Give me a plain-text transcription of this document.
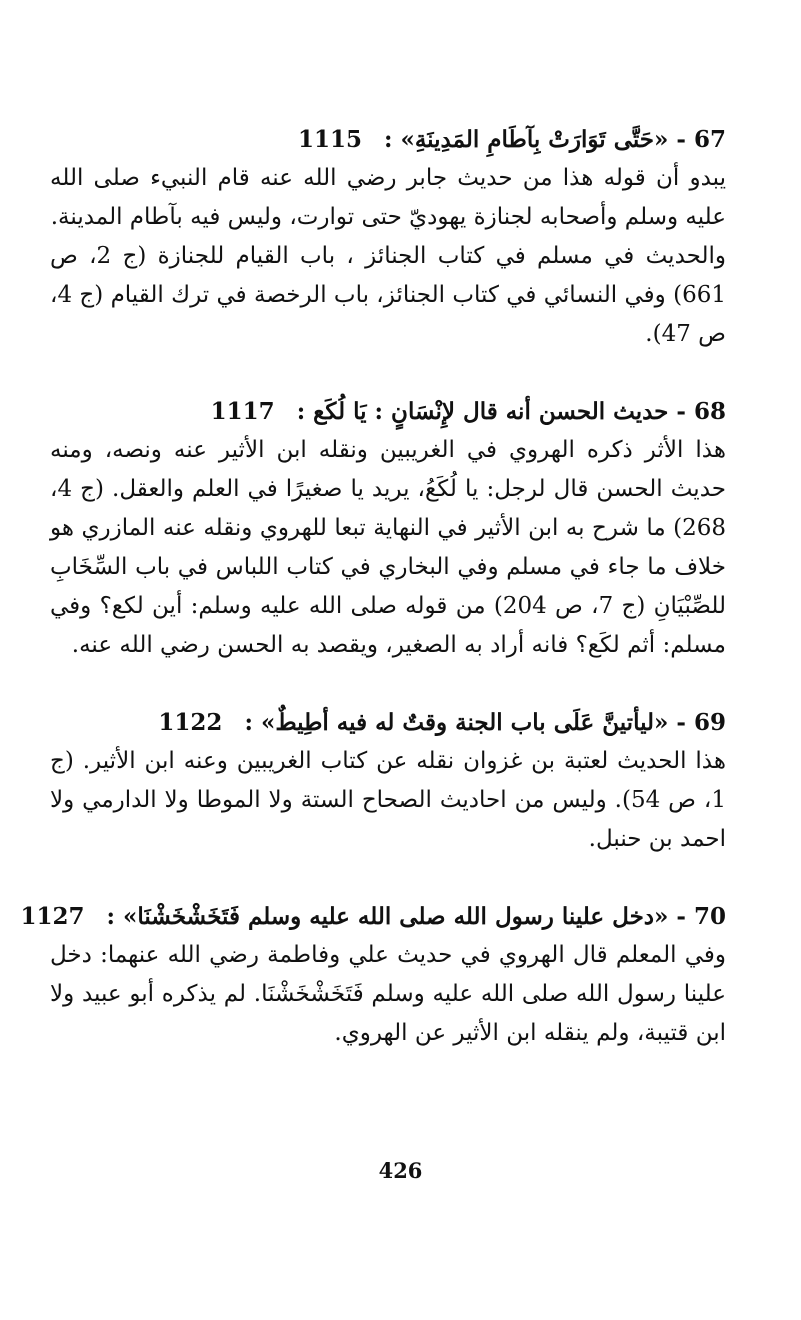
67 - «حَتَّى تَوَارَتْ بِآطَامِ المَدِينَةِ» : 1115

يبدو أن قوله هذا من حديث جابر رضي الله عنه قام النبيء صلى الله عليه وسلم وأصحابه لجنازة يهوديّ حتى توارت، وليس فيه بآطام المدينة.

والحديث في مسلم في كتاب الجنائز ، باب القيام للجنازة (ج 2، ص 661) وفي النسائي في كتاب الجنائز، باب الرخصة في ترك القيام (ج 4، ص 47).

68 - حديث الحسن أنه قال لإِنْسَانٍ : يَا لُكَع : 1117

هذا الأثر ذكره الهروي في الغريبين ونقله ابن الأثير عنه ونصه، ومنه حديث الحسن قال لرجل: يا لُكَعُ، يريد يا صغيرًا في العلم والعقل. (ج 4، 268) ما شرح به ابن الأثير في النهاية تبعا للهروي ونقله عنه المازري هو خلاف ما جاء في مسلم وفي البخاري في كتاب اللباس في باب السِّخَابِ للصِّبْيَانِ (ج 7، ص 204) من قوله صلى الله عليه وسلم: أين لكع؟ وفي مسلم: أثم لكَع؟ فانه أراد به الصغير، ويقصد به الحسن رضي الله عنه.

69 - «ليأتينَّ عَلَى باب الجنة وقتٌ له فيه أطِيطٌ» : 1122

هذا الحديث لعتبة بن غزوان نقله عن كتاب الغريبين وعنه ابن الأثير. (ج 1، ص 54). وليس من احاديث الصحاح الستة ولا الموطا ولا الدارمي ولا احمد بن حنبل.

70 - «دخل علينا رسول الله صلى الله عليه وسلم فَتَخَشْخَشْنَا» : 1127

وفي المعلم قال الهروي في حديث علي وفاطمة رضي الله عنهما: دخل علينا رسول الله صلى الله عليه وسلم فَتَخَشْخَشْنَا. لم يذكره أبو عبيد ولا ابن قتيبة، ولم ينقله ابن الأثير عن الهروي.

426
